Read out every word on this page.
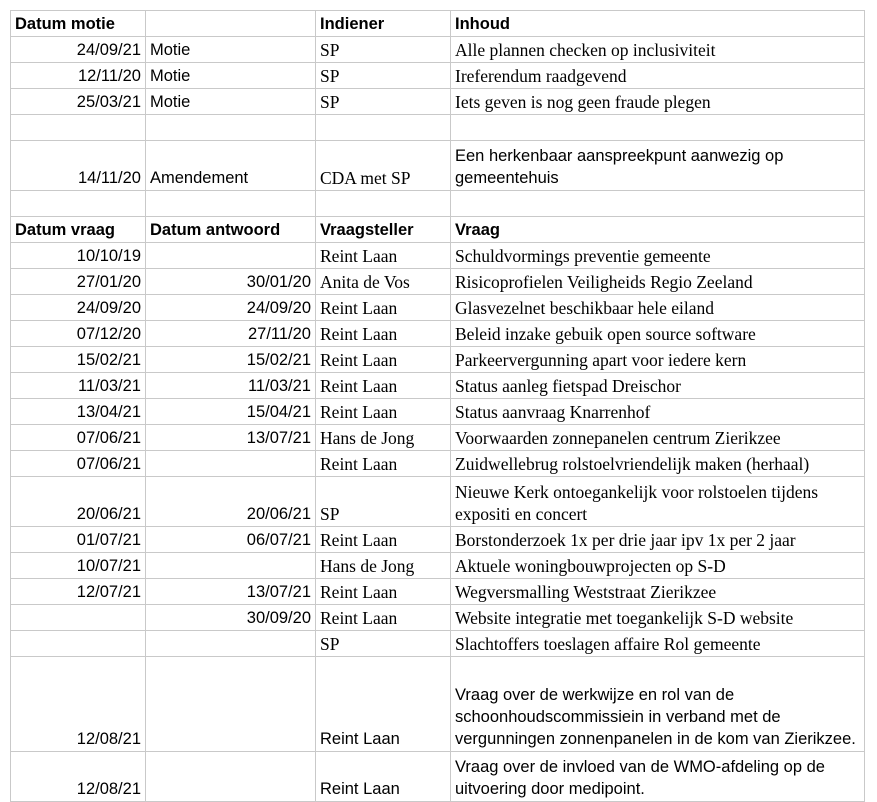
Datum motie		Indiener	Inhoud
24/09/21	Motie	SP	Alle plannen checken op inclusiviteit
12/11/20	Motie	SP	Ireferendum raadgevend
25/03/21	Motie	SP	Iets geven is nog geen fraude plegen

14/11/20	Amendement	CDA met SP	Een herkenbaar aanspreekpunt aanwezig op gemeentehuis

Datum vraag	Datum antwoord	Vraagsteller	Vraag
10/10/19		Reint Laan	Schuldvormings preventie gemeente
27/01/20	30/01/20	Anita de Vos	Risicoprofielen Veiligheids Regio Zeeland
24/09/20	24/09/20	Reint Laan	Glasvezelnet beschikbaar hele eiland
07/12/20	27/11/20	Reint Laan	Beleid inzake gebuik open source software
15/02/21	15/02/21	Reint Laan	Parkeervergunning apart voor iedere kern
11/03/21	11/03/21	Reint Laan	Status aanleg fietspad Dreischor
13/04/21	15/04/21	Reint Laan	Status aanvraag Knarrenhof
07/06/21	13/07/21	Hans de Jong	Voorwaarden zonnepanelen centrum Zierikzee
07/06/21		Reint Laan	Zuidwellebrug rolstoelvriendelijk maken (herhaal)
20/06/21	20/06/21	SP	Nieuwe Kerk ontoegankelijk voor rolstoelen tijdens expositi en concert
01/07/21	06/07/21	Reint Laan	Borstonderzoek 1x per drie jaar ipv 1x per 2 jaar
10/07/21		Hans de Jong	Aktuele woningbouwprojecten op S-D
12/07/21	13/07/21	Reint Laan	Wegversmalling Weststraat Zierikzee
	30/09/20	Reint Laan	Website integratie met toegankelijk S-D website
		SP	Slachtoffers toeslagen affaire Rol gemeente
12/08/21		Reint Laan	Vraag over de werkwijze en rol van de schoonhoudscommissiein in verband met de vergunningen zonnenpanelen in de kom van Zierikzee.
12/08/21		Reint Laan	Vraag over de invloed van de WMO-afdeling op de uitvoering door medipoint.
